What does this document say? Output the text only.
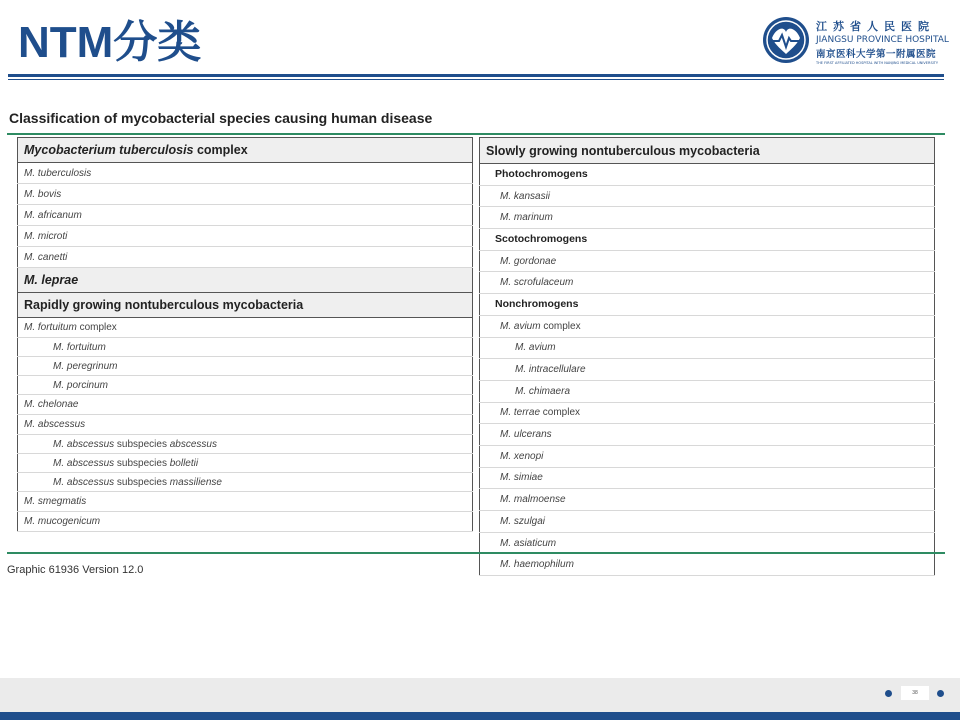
NTM分类	江苏省人民医院
JIANGSU PROVINCE HOSPITAL
南京医科大学第一附属医院
THE FIRST AFFILIATED HOSPITAL WITH NANJING MEDICAL UNIVERSITY
Classification of mycobacterial species causing human disease
Mycobacterium tuberculosis complex
M. tuberculosis
M. bovis
M. africanum
M. microti
M. canetti
M. leprae
Rapidly growing nontuberculous mycobacteria
M. fortuitum complex
M. fortuitum
M. peregrinum
M. porcinum
M. chelonae
M. abscessus
M. abscessus subspecies abscessus
M. abscessus subspecies bolletii
M. abscessus subspecies massiliense
M. smegmatis
M. mucogenicum
Slowly growing nontuberculous mycobacteria
Photochromogens
M. kansasii
M. marinum
Scotochromogens
M. gordonae
M. scrofulaceum
Nonchromogens
M. avium complex
M. avium
M. intracellulare
M. chimaera
M. terrae complex
M. ulcerans
M. xenopi
M. simiae
M. malmoense
M. szulgai
M. asiaticum
M. haemophilum
Graphic 61936 Version 12.0
38
